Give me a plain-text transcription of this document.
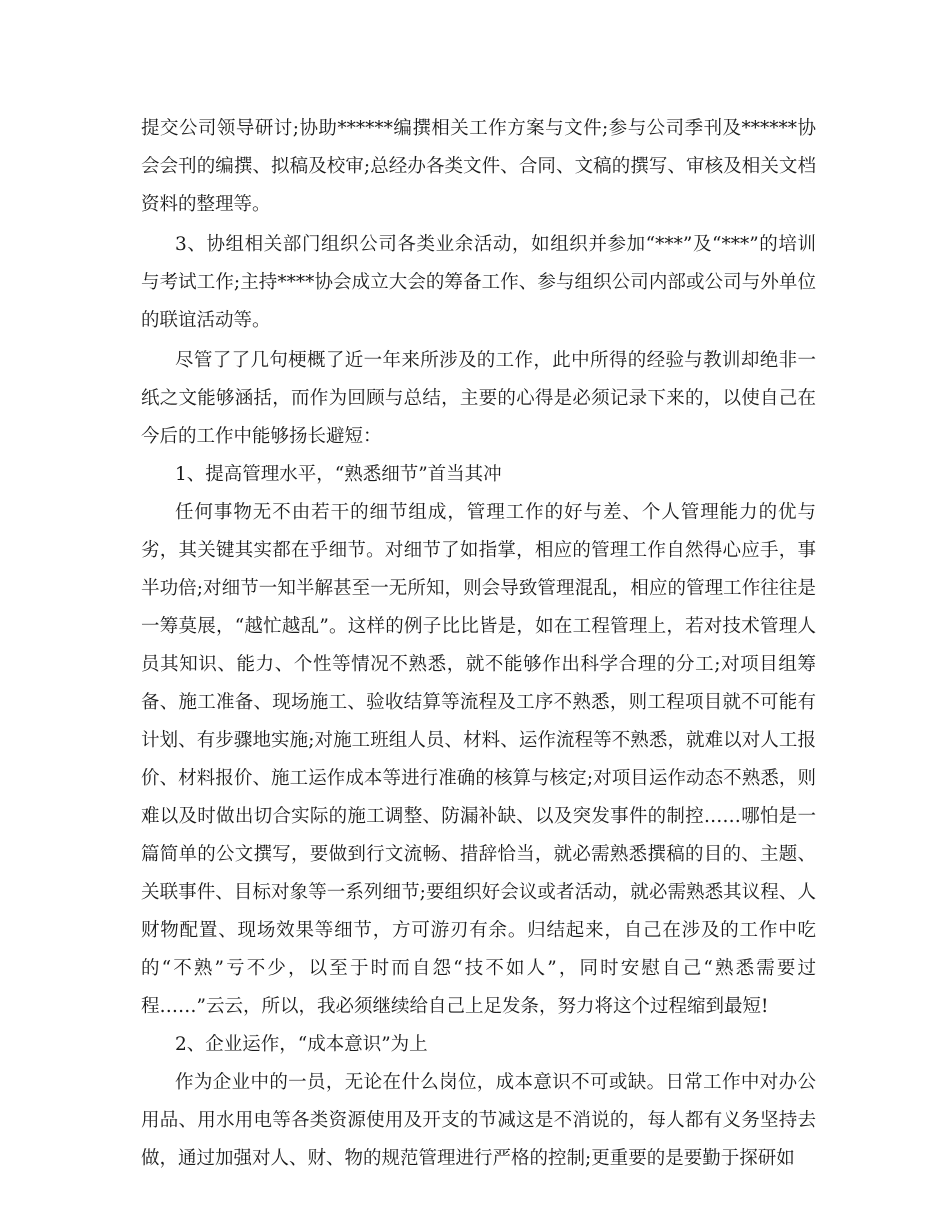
提交公司领导研讨;协助******编撰相关工作方案与文件;参与公司季刊及******协会会刊的编撰、拟稿及校审;总经办各类文件、合同、文稿的撰写、审核及相关文档资料的整理等。

3、协组相关部门组织公司各类业余活动，如组织并参加“***”及“***”的培训与考试工作;主持****协会成立大会的筹备工作、参与组织公司内部或公司与外单位的联谊活动等。

尽管了了几句梗概了近一年来所涉及的工作，此中所得的经验与教训却绝非一纸之文能够涵括，而作为回顾与总结，主要的心得是必须记录下来的，以使自己在今后的工作中能够扬长避短：

1、提高管理水平，“熟悉细节”首当其冲

任何事物无不由若干的细节组成，管理工作的好与差、个人管理能力的优与劣，其关键其实都在乎细节。对细节了如指掌，相应的管理工作自然得心应手，事半功倍;对细节一知半解甚至一无所知，则会导致管理混乱，相应的管理工作往往是一筹莫展，“越忙越乱”。这样的例子比比皆是，如在工程管理上，若对技术管理人员其知识、能力、个性等情况不熟悉，就不能够作出科学合理的分工;对项目组筹备、施工准备、现场施工、验收结算等流程及工序不熟悉，则工程项目就不可能有计划、有步骤地实施;对施工班组人员、材料、运作流程等不熟悉，就难以对人工报价、材料报价、施工运作成本等进行准确的核算与核定;对项目运作动态不熟悉，则难以及时做出切合实际的施工调整、防漏补缺、以及突发事件的制控……哪怕是一篇简单的公文撰写，要做到行文流畅、措辞恰当，就必需熟悉撰稿的目的、主题、关联事件、目标对象等一系列细节;要组织好会议或者活动，就必需熟悉其议程、人财物配置、现场效果等细节，方可游刃有余。归结起来，自己在涉及的工作中吃的“不熟”亏不少，以至于时而自怨“技不如人”，同时安慰自己“熟悉需要过程……”云云，所以，我必须继续给自己上足发条，努力将这个过程缩到最短!

2、企业运作，“成本意识”为上

作为企业中的一员，无论在什么岗位，成本意识不可或缺。日常工作中对办公用品、用水用电等各类资源使用及开支的节减这是不消说的，每人都有义务坚持去做，通过加强对人、财、物的规范管理进行严格的控制;更重要的是要勤于探研如
